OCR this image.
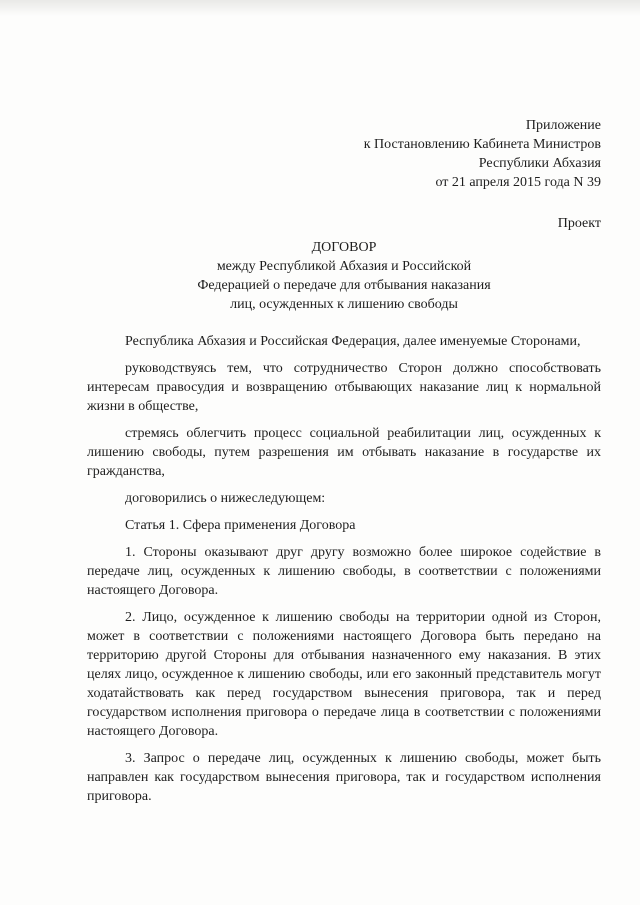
Приложение
к Постановлению Кабинета Министров
Республики Абхазия
от 21 апреля 2015 года N 39
Проект
ДОГОВОР
между Республикой Абхазия и Российской
Федерацией о передаче для отбывания наказания
лиц, осужденных к лишению свободы

Республика Абхазия и Российская Федерация, далее именуемые Сторонами,

руководствуясь тем, что сотрудничество Сторон должно способствовать интересам правосудия и возвращению отбывающих наказание лиц к нормальной жизни в обществе,

стремясь облегчить процесс социальной реабилитации лиц, осужденных к лишению свободы, путем разрешения им отбывать наказание в государстве их гражданства,

договорились о нижеследующем:

Статья 1. Сфера применения Договора

1. Стороны оказывают друг другу возможно более широкое содействие в передаче лиц, осужденных к лишению свободы, в соответствии с положениями настоящего Договора.

2. Лицо, осужденное к лишению свободы на территории одной из Сторон, может в соответствии с положениями настоящего Договора быть передано на территорию другой Стороны для отбывания назначенного ему наказания. В этих целях лицо, осужденное к лишению свободы, или его законный представитель могут ходатайствовать как перед государством вынесения приговора, так и перед государством исполнения приговора о передаче лица в соответствии с положениями настоящего Договора.

3. Запрос о передаче лиц, осужденных к лишению свободы, может быть направлен как государством вынесения приговора, так и государством исполнения приговора.
